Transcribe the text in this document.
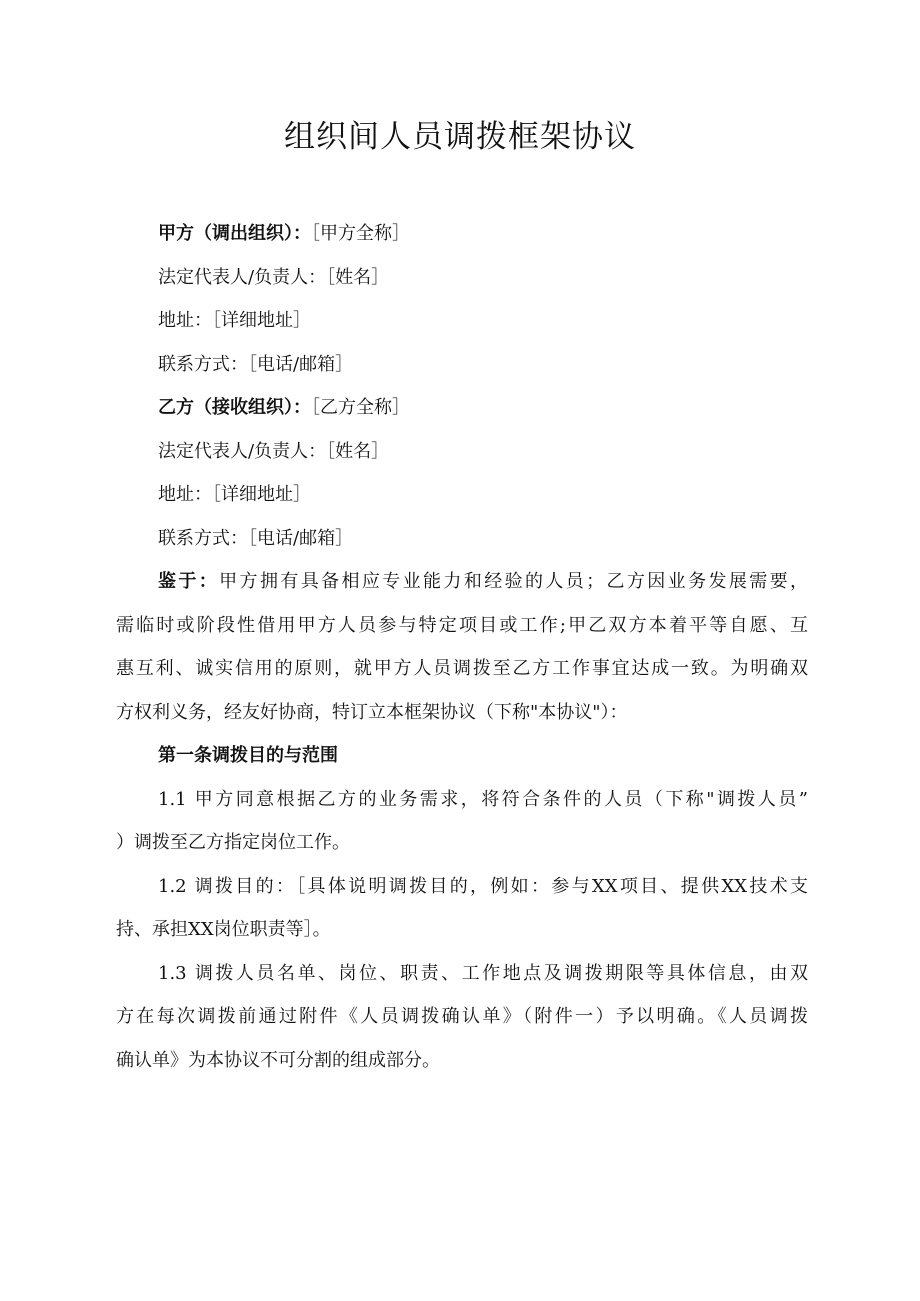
组织间人员调拨框架协议
甲方（调出组织）：［甲方全称］
法定代表人/负责人：［姓名］
地址：［详细地址］
联系方式：［电话/邮箱］
乙方（接收组织）：［乙方全称］
法定代表人/负责人：［姓名］
地址：［详细地址］
联系方式：［电话/邮箱］
鉴于：甲方拥有具备相应专业能力和经验的人员；乙方因业务发展需要，
需临时或阶段性借用甲方人员参与特定项目或工作;甲乙双方本着平等自愿、互
惠互利、诚实信用的原则，就甲方人员调拨至乙方工作事宜达成一致。为明确双
方权利义务，经友好协商，特订立本框架协议（下称"本协议"）：
第一条调拨目的与范围
1.1 甲方同意根据乙方的业务需求，将符合条件的人员（下称"调拨人员”
）调拨至乙方指定岗位工作。
1.2 调拨目的：［具体说明调拨目的，例如：参与XX项目、提供XX技术支
持、承担XX岗位职责等］。
1.3 调拨人员名单、岗位、职责、工作地点及调拨期限等具体信息，由双
方在每次调拨前通过附件《人员调拨确认单》（附件一）予以明确。《人员调拨
确认单》为本协议不可分割的组成部分。
